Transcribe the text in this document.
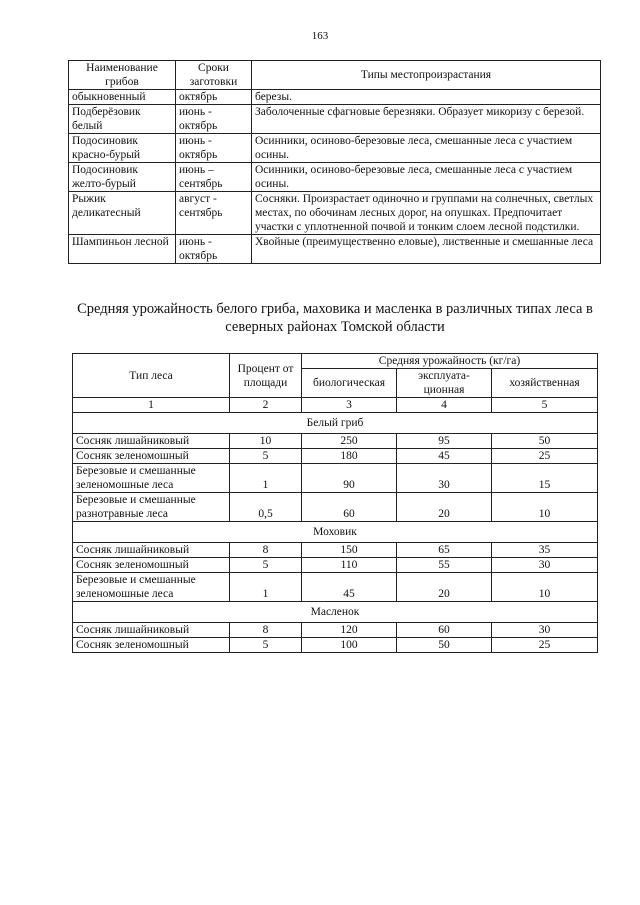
163
Наименование грибов	Сроки заготовки	Типы местопроизрастания
обыкновенный	октябрь	березы.
Подберёзовик белый	июнь - октябрь	Заболоченные сфагновые березняки. Образует микоризу с березой.
Подосиновик красно-бурый	июнь - октябрь	Осинники, осиново-березовые леса, смешанные леса с участием осины.
Подосиновик желто-бурый	июнь – сентябрь	Осинники, осиново-березовые леса, смешанные леса с участием осины.
Рыжик деликатесный	август - сентябрь	Сосняки. Произрастает одиночно и группами на солнечных, светлых местах, по обочинам лесных дорог, на опушках. Предпочитает участки с уплотненной почвой и тонким слоем лесной подстилки.
Шампиньон лесной	июнь - октябрь	Хвойные (преимущественно еловые), лиственные и смешанные леса
Средняя урожайность белого гриба, маховика и масленка в различных типах леса в северных районах Томской области
Тип леса	Процент от площади	Средняя урожайность (кг/га)		
		биологическая	эксплуата-ционная	хозяйственная
1	2	3	4	5
Белый гриб				
Сосняк лишайниковый	10	250	95	50
Сосняк зеленомошный	5	180	45	25
Березовые и смешанные зеленомошные леса	1	90	30	15
Березовые и смешанные разнотравные леса	0,5	60	20	10
Моховик				
Сосняк лишайниковый	8	150	65	35
Сосняк зеленомошный	5	110	55	30
Березовые и смешанные зеленомошные леса	1	45	20	10
Масленок				
Сосняк лишайниковый	8	120	60	30
Сосняк зеленомошный	5	100	50	25
